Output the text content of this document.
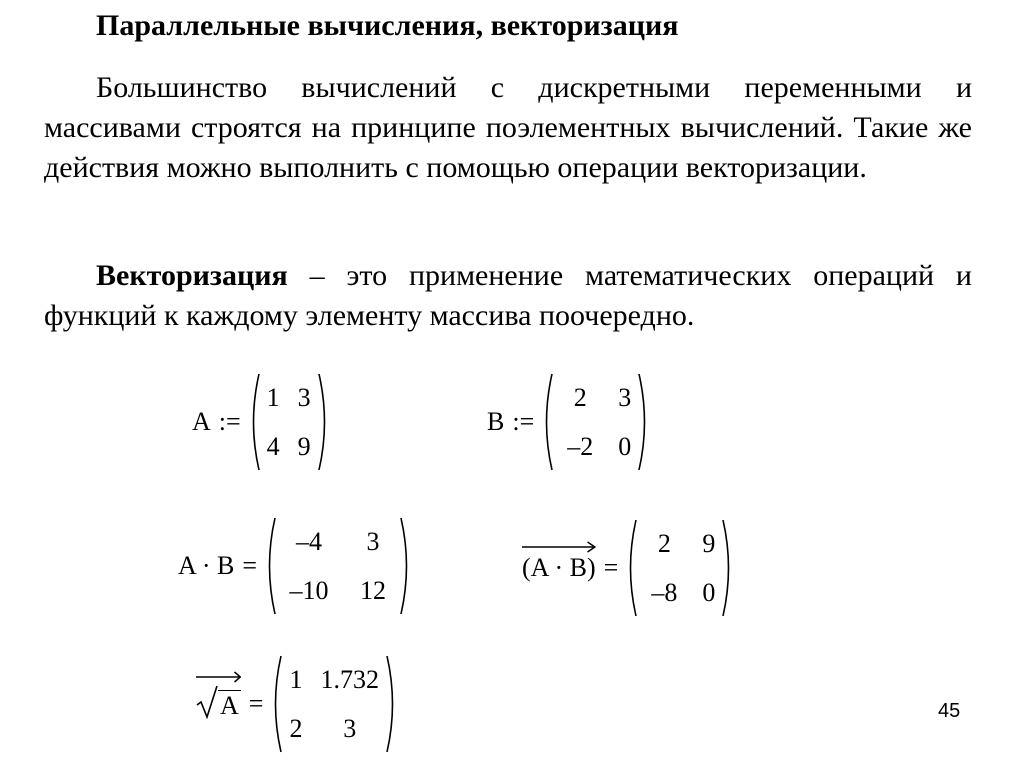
Параллельные вычисления, векторизация

Большинство вычислений с дискретными переменными и массивами строятся на принципе поэлементных вычислений. Такие же действия можно выполнить с помощью операции векторизации.

Векторизация – это применение математических операций и функций к каждому элементу массива поочередно.

A :=
1 3
4 9
B :=
2	3
–2 0
A · B =
–4	3
–10 12
(A · B) =
2	9
–8 0
A =
1 1.732
2	3
45
